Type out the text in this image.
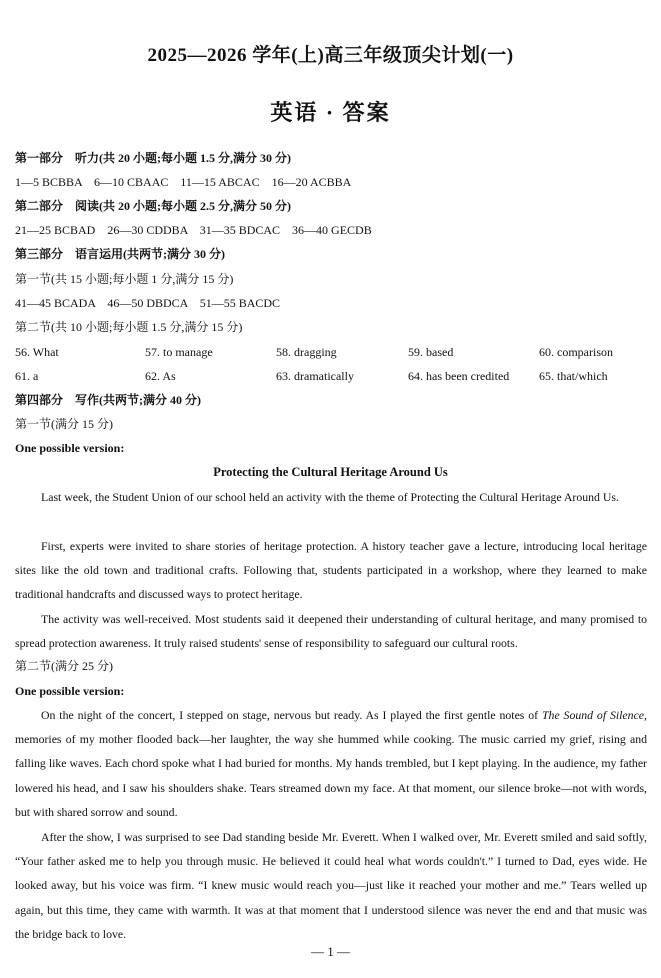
2025—2026 学年(上)高三年级顶尖计划(一)
英语 · 答案
第一部分　听力(共 20 小题;每小题 1.5 分,满分 30 分)
1—5 BCBBA　6—10 CBAAC　11—15 ABCAC　16—20 ACBBA
第二部分　阅读(共 20 小题;每小题 2.5 分,满分 50 分)
21—25 BCBAD　26—30 CDDBA　31—35 BDCAC　36—40 GECDB
第三部分　语言运用(共两节;满分 30 分)
第一节(共 15 小题;每小题 1 分,满分 15 分)
41—45 BCADA　46—50 DBDCA　51—55 BACDC
第二节(共 10 小题;每小题 1.5 分,满分 15 分)
56. What	57. to manage	58. dragging	59. based	60. comparison
61. a	62. As	63. dramatically	64. has been credited 65. that/which
第四部分　写作(共两节;满分 40 分)
第一节(满分 15 分)
One possible version:
Protecting the Cultural Heritage Around Us

Last week, the Student Union of our school held an activity with the theme of Protecting the Cultural Heritage Around Us.

First, experts were invited to share stories of heritage protection. A history teacher gave a lecture, introducing local heritage sites like the old town and traditional crafts. Following that, students participated in a workshop, where they learned to make traditional handcrafts and discussed ways to protect heritage.

The activity was well-received. Most students said it deepened their understanding of cultural heritage, and many promised to spread protection awareness. It truly raised students' sense of responsibility to safeguard our cultural roots.

第二节(满分 25 分)
One possible version:

On the night of the concert, I stepped on stage, nervous but ready. As I played the first gentle notes of The Sound of Silence, memories of my mother flooded back—her laughter, the way she hummed while cooking. The music carried my grief, rising and falling like waves. Each chord spoke what I had buried for months. My hands trembled, but I kept playing. In the audience, my father lowered his head, and I saw his shoulders shake. Tears streamed down my face. At that moment, our silence broke—not with words, but with shared sorrow and sound.

After the show, I was surprised to see Dad standing beside Mr. Everett. When I walked over, Mr. Everett smiled and said softly, “Your father asked me to help you through music. He believed it could heal what words couldn't.” I turned to Dad, eyes wide. He looked away, but his voice was firm. “I knew music would reach you—just like it reached your mother and me.” Tears welled up again, but this time, they came with warmth. It was at that moment that I understood silence was never the end and that music was the bridge back to love.

— 1 —
